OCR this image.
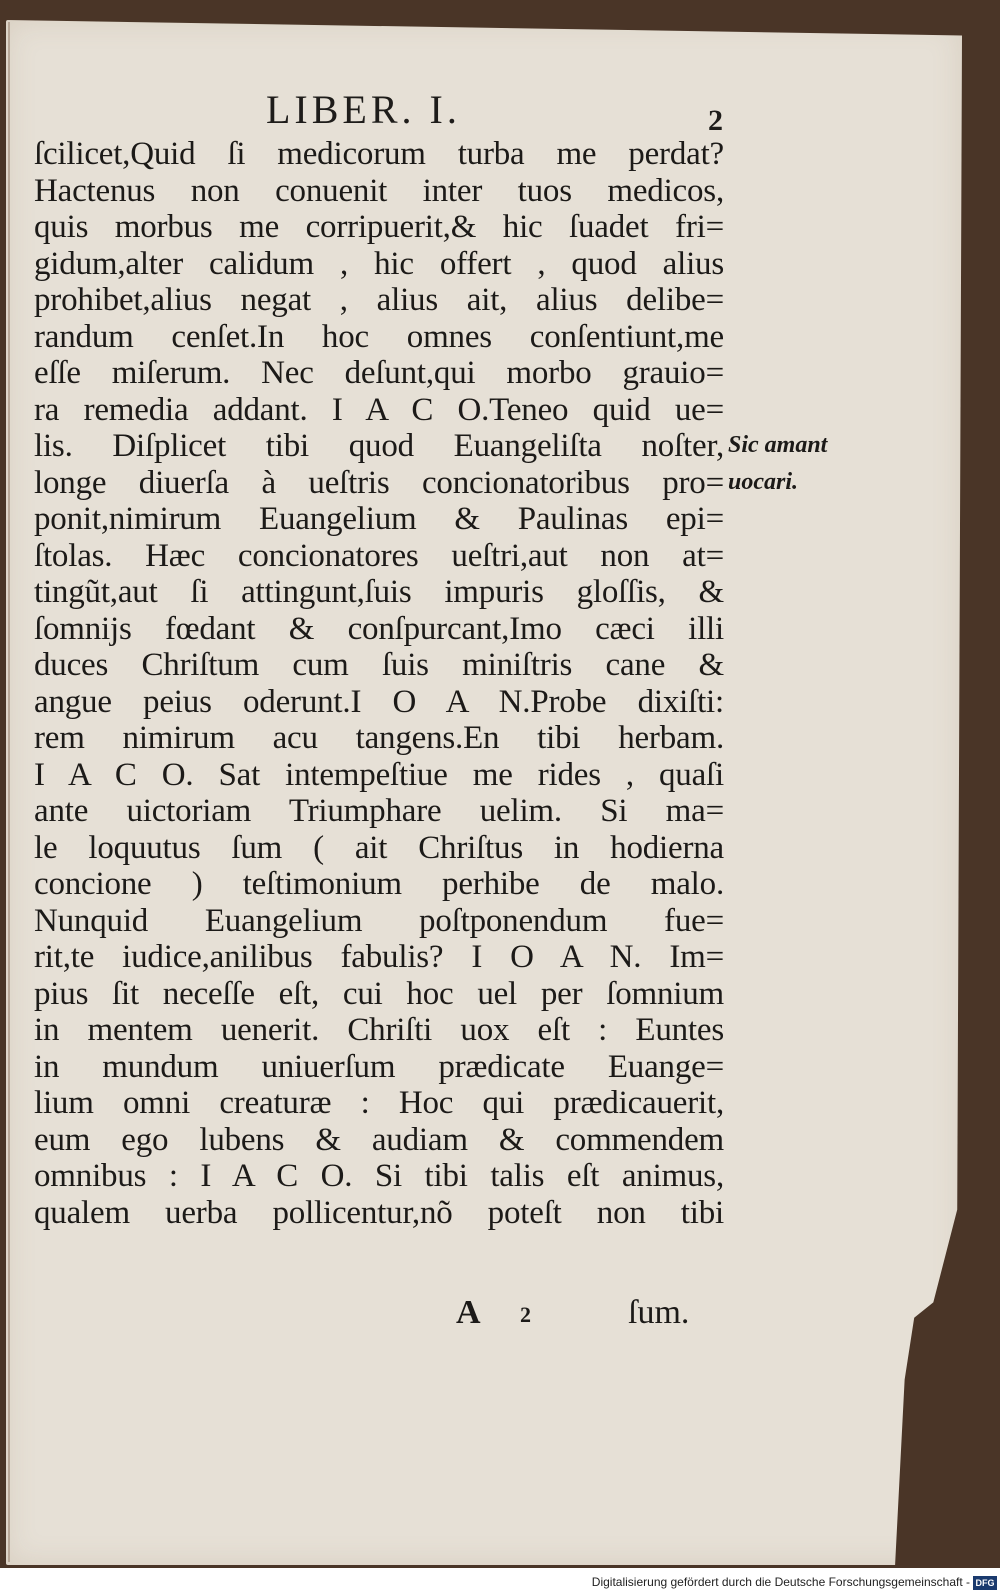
LIBER. I.	2
ſcilicet,Quid ſi medicorum turba me perdat?
Hactenus non conuenit inter tuos medicos,
quis morbus me corripuerit,& hic ſuadet fri=
gidum,alter calidum , hic offert , quod alius
prohibet,alius negat , alius ait, alius delibe=
randum cenſet.In hoc omnes conſentiunt,me
eſſe miſerum. Nec deſunt,qui morbo grauio=
ra remedia addant. I A C O.Teneo quid ue=
lis. Diſplicet tibi quod Euangeliſta noſter,
longe diuerſa à ueſtris concionatoribus pro=
ponit,nimirum Euangelium & Paulinas epi=
ſtolas. Hæc concionatores ueſtri,aut non at=
tingũt,aut ſi attingunt,ſuis impuris gloſſis, &
ſomnijs fœdant & conſpurcant,Imo cæci illi
duces Chriſtum cum ſuis miniſtris cane &
angue peius oderunt.I O A N.Probe dixiſti:
rem nimirum acu tangens.En tibi herbam.
I A C O. Sat intempeſtiue me rides , quaſi
ante uictoriam Triumphare uelim. Si ma=
le loquutus ſum ( ait Chriſtus in hodierna
concione ) teſtimonium perhibe de malo.
Nunquid Euangelium poſtponendum fue=
rit,te iudice,anilibus fabulis? I O A N. Im=
pius ſit neceſſe eſt, cui hoc uel per ſomnium
in mentem uenerit. Chriſti uox eſt : Euntes
in mundum uniuerſum prædicate Euange=
lium omni creaturæ : Hoc qui prædicauerit,
eum ego lubens & audiam & commendem
omnibus : I A C O. Si tibi talis eſt animus,
qualem uerba pollicentur,nõ poteſt non tibi
Sic amant
uocari.
A 2	ſum.
Digitalisierung gefördert durch die Deutsche Forschungsgemeinschaft - DFG
